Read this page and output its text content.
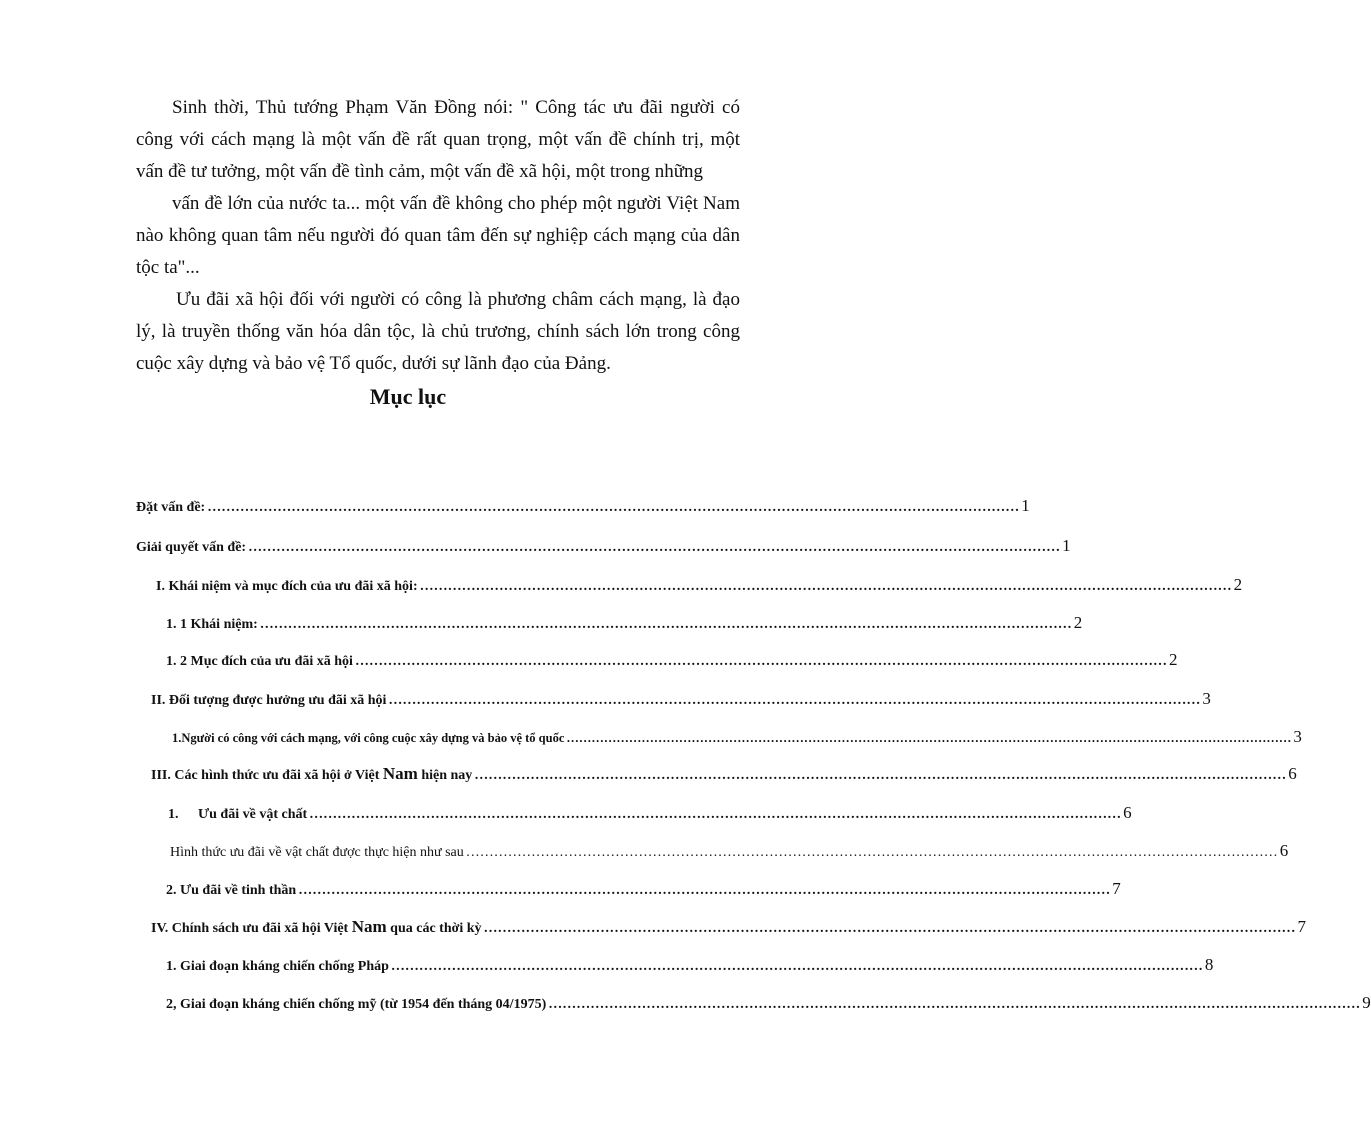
Sinh thời, Thủ tướng Phạm Văn Đồng nói: " Công tác ưu đãi người có công với cách mạng là một vấn đề rất quan trọng, một vấn đề chính trị, một vấn đề tư tưởng, một vấn đề tình cảm, một vấn đề xã hội, một trong những

vấn đề lớn của nước ta... một vấn đề không cho phép một người Việt Nam nào không quan tâm nếu người đó quan tâm đến sự nghiệp cách mạng của dân tộc ta"...

Ưu đãi xã hội đối với người có công là phương châm cách mạng, là đạo lý, là truyền thống văn hóa dân tộc, là chủ trương, chính sách lớn trong công cuộc xây dựng và bảo vệ Tổ quốc, dưới sự lãnh đạo của Đảng.

Mục lục
Đặt vấn đề: ………………………………………………………………………………………………………………………………………………………… 1
Giải quyết vấn đề: ………………………………………………………………………………………………………………………………………………………… 1
I. Khái niệm và mục đích của ưu đãi xã hội: ………………………………………………………………………………………………………………………………………………………… 2
1. 1 Khái niệm: ………………………………………………………………………………………………………………………………………………………… 2
1. 2 Mục đích của ưu đãi xã hội ………………………………………………………………………………………………………………………………………………………… 2
II. Đối tượng được hưởng ưu đãi xã hội ………………………………………………………………………………………………………………………………………………………… 3
1.Người có công với cách mạng, với công cuộc xây dựng và bảo vệ tổ quốc ………………………………………………………………………………………………………………………………………………………… 3
III. Các hình thức ưu đãi xã hội ở Việt Nam hiện nay ………………………………………………………………………………………………………………………………………………………… 6
1. Ưu đãi về vật chất ………………………………………………………………………………………………………………………………………………………… 6
Hình thức ưu đãi về vật chất được thực hiện như sau ………………………………………………………………………………………………………………………………………………………… 6
2. Ưu đãi về tinh thần ………………………………………………………………………………………………………………………………………………………… 7
IV. Chính sách ưu đãi xã hội Việt Nam qua các thời kỳ ………………………………………………………………………………………………………………………………………………………… 7
1. Giai đoạn kháng chiến chống Pháp ………………………………………………………………………………………………………………………………………………………… 8
2, Giai đoạn kháng chiến chống mỹ (từ 1954 đến tháng 04/1975) ………………………………………………………………………………………………………………………………………………………… 9
